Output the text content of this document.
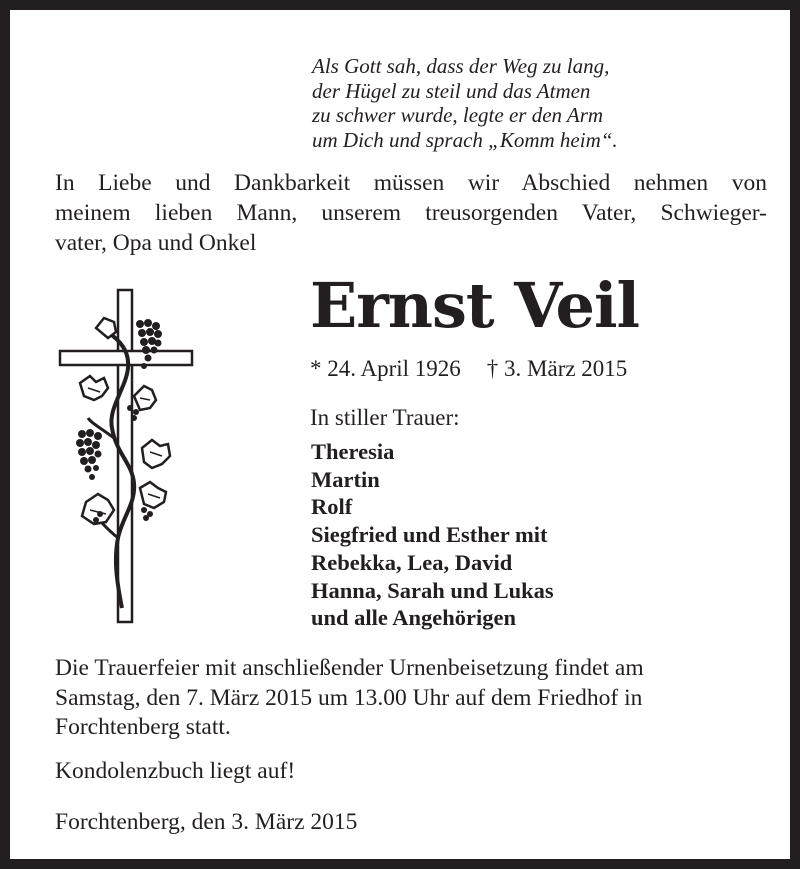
Als Gott sah, dass der Weg zu lang,
der Hügel zu steil und das Atmen
zu schwer wurde, legte er den Arm
um Dich und sprach „Komm heim“.
In Liebe und Dankbarkeit müssen wir Abschied nehmen von
meinem lieben Mann, unserem treusorgenden Vater, Schwieger-
vater, Opa und Onkel
Ernst Veil
* 24. April 1926 † 3. März 2015
In stiller Trauer:
Theresia
Martin
Rolf
Siegfried und Esther mit
Rebekka, Lea, David
Hanna, Sarah und Lukas
und alle Angehörigen
Die Trauerfeier mit anschließender Urnenbeisetzung findet am
Samstag, den 7. März 2015 um 13.00 Uhr auf dem Friedhof in
Forchtenberg statt.
Kondolenzbuch liegt auf!
Forchtenberg, den 3. März 2015
